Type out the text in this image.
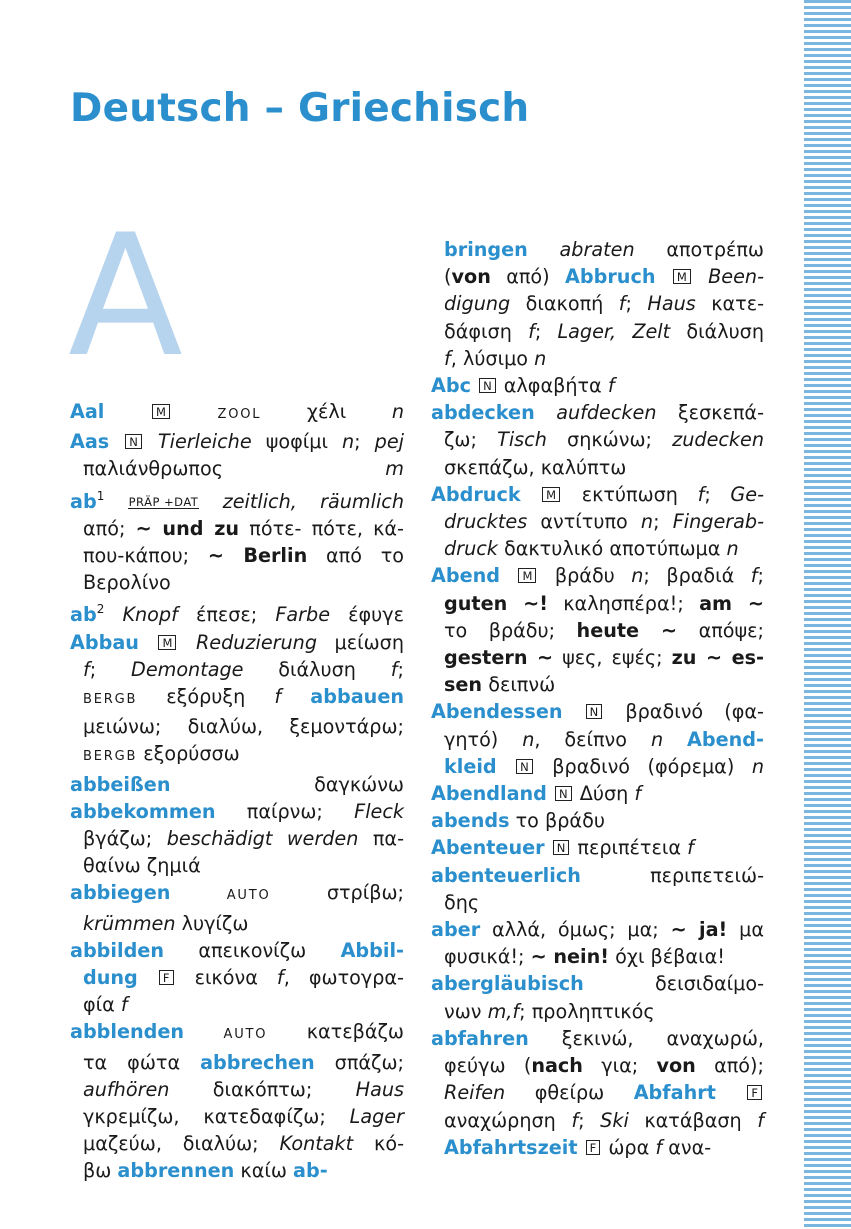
Deutsch – Griechisch
A
Aal	M	ZOOL χέλι n
Aas N Tierleiche ψοφίμι n; pej
παλιάνθρωπος m
$ab^1$ PRÄP +DAT zeitlich, räumlich
από; ~ und zu πότε- πότε, κά-
που-κάπου; ~ Berlin από το
Βερολίνο
$ab^2$ Knopf έπεσε; Farbe έφυγε
Abbau M Reduzierung μείωση
f; Demontage διάλυση f;
BERGB εξόρυξη f abbauen
μειώνω; διαλύω, ξεμοντάρω;
BERGB εξορύσσω
abbeißen δαγκώνω
abbekommen παίρνω; Fleck
βγάζω; beschädigt werden πα-
θαίνω ζημιά
abbiegen	AUTO στρίβω;
krümmen λυγίζω
abbilden απεικονίζω Abbil-
dung F εικόνα f, φωτογρα-
φία f
abblenden	AUTO κατεβάζω
τα φώτα abbrechen σπάζω;
aufhören διακόπτω; Haus
γκρεμίζω, κατεδαφίζω; Lager
μαζεύω, διαλύω; Kontakt κό-
βω abbrennen καίω ab-
bringen abraten αποτρέπω
(von από) Abbruch M Been-
digung διακοπή f; Haus κατε-
δάφιση f; Lager, Zelt διάλυση
f, λύσιμο n
Abc N αλφαβήτα f
abdecken aufdecken ξεσκεπά-
ζω; Tisch σηκώνω; zudecken
σκεπάζω, καλύπτω
Abdruck M εκτύπωση f; Ge-
drucktes αντίτυπο n; Fingerab-
druck δακτυλικό αποτύπωμα n
Abend M βράδυ n; βραδιά f;
guten ~! καλησπέρα!; am ~
το βράδυ; heute ~ απόψε;
gestern ~ ψες, εψές; zu ~ es-
sen δειπνώ
Abendessen N βραδινό (φα-
γητό) n, δείπνο n Abend-
kleid N βραδινό (φόρεμα) n
Abendland N Δύση f
abends το βράδυ
Abenteuer N περιπέτεια f
abenteuerlich περιπετειώ-
δης
aber αλλά, όμως; μα; ~ ja! μα
φυσικά!; ~ nein! όχι βέβαια!
abergläubisch δεισιδαίμο-
νων m,f; προληπτικός
abfahren ξεκινώ, αναχωρώ,
φεύγω (nach για; von από);
Reifen φθείρω Abfahrt	F
αναχώρηση f; Ski κατάβαση f
Abfahrtszeit F ώρα f ανα-
